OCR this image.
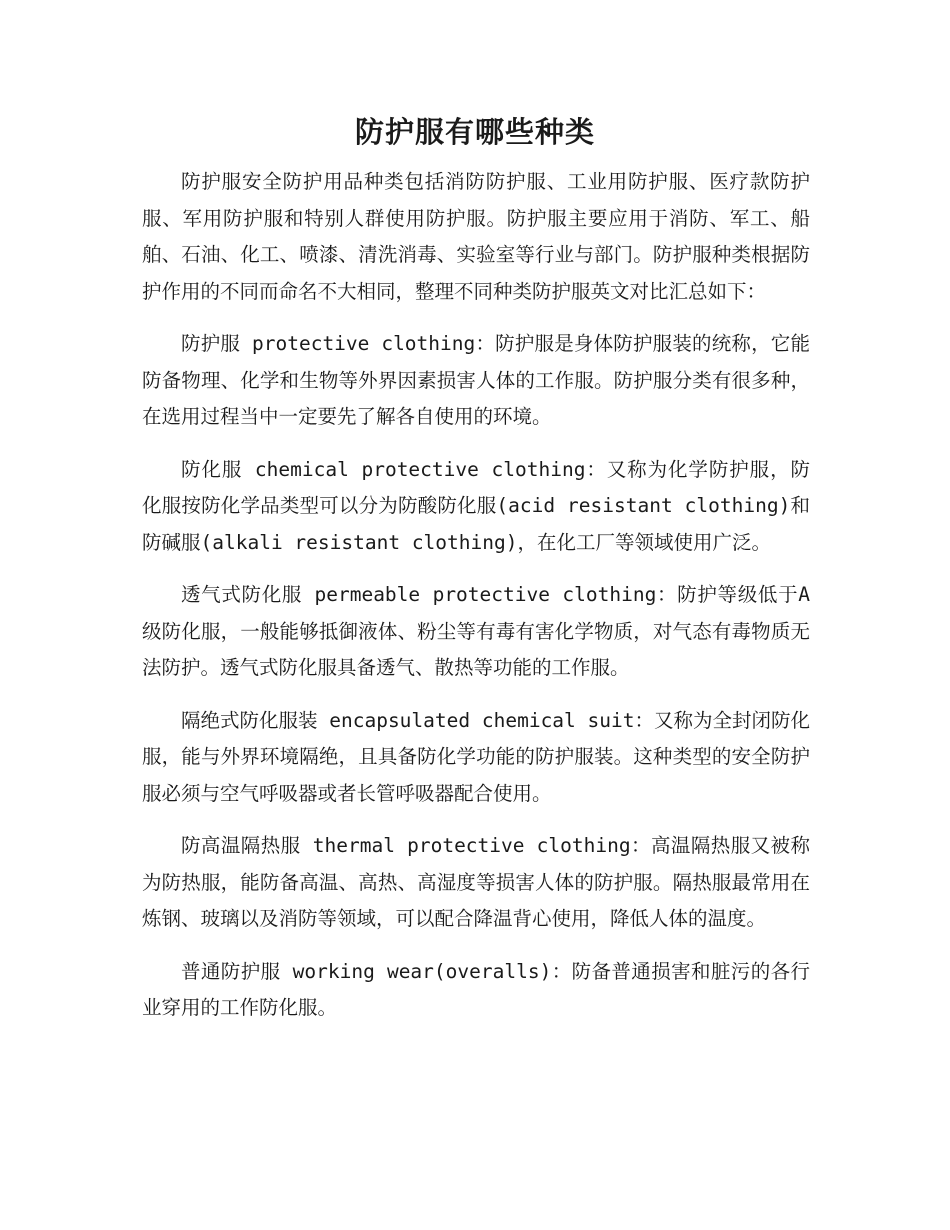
防护服有哪些种类

防护服安全防护用品种类包括消防防护服、工业用防护服、医疗款防护服、军用防护服和特别人群使用防护服。防护服主要应用于消防、军工、船舶、石油、化工、喷漆、清洗消毒、实验室等行业与部门。防护服种类根据防护作用的不同而命名不大相同，整理不同种类防护服英文对比汇总如下：

防护服 protective clothing：防护服是身体防护服装的统称，它能防备物理、化学和生物等外界因素损害人体的工作服。防护服分类有很多种，在选用过程当中一定要先了解各自使用的环境。

防化服 chemical protective clothing：又称为化学防护服，防化服按防化学品类型可以分为防酸防化服(acid resistant clothing)和防碱服(alkali resistant clothing)，在化工厂等领域使用广泛。

透气式防化服 permeable protective clothing：防护等级低于A级防化服，一般能够抵御液体、粉尘等有毒有害化学物质，对气态有毒物质无法防护。透气式防化服具备透气、散热等功能的工作服。

隔绝式防化服装 encapsulated chemical suit：又称为全封闭防化服，能与外界环境隔绝，且具备防化学功能的防护服装。这种类型的安全防护服必须与空气呼吸器或者长管呼吸器配合使用。

防高温隔热服 thermal protective clothing：高温隔热服又被称为防热服，能防备高温、高热、高湿度等损害人体的防护服。隔热服最常用在炼钢、玻璃以及消防等领域，可以配合降温背心使用，降低人体的温度。

普通防护服 working wear(overalls)：防备普通损害和脏污的各行业穿用的工作防化服。
